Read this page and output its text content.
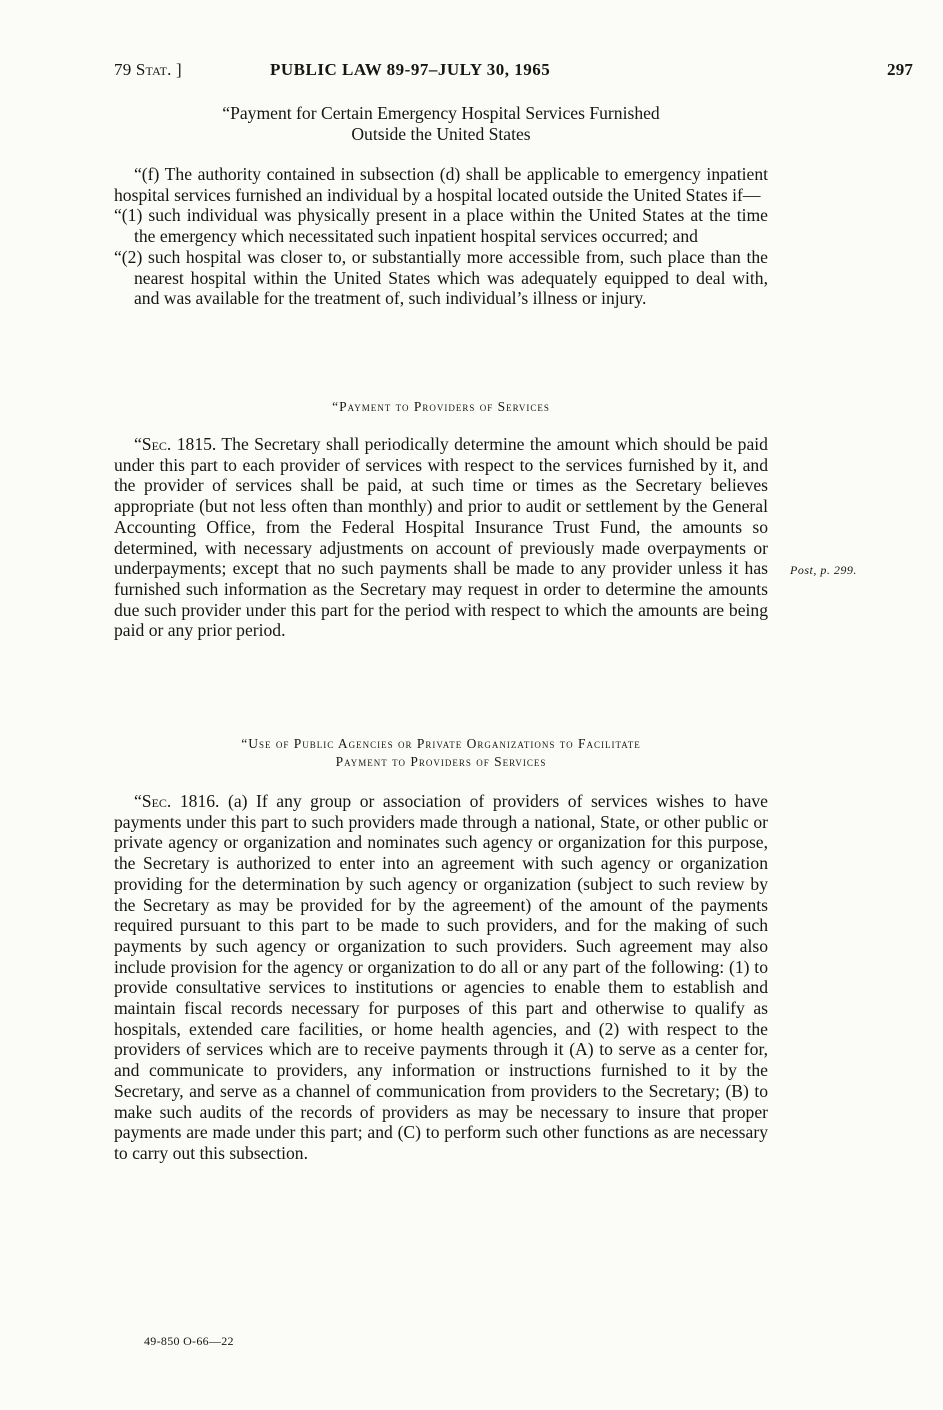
79 Stat. ]	PUBLIC LAW 89-97–JULY 30, 1965	297
“Payment for Certain Emergency Hospital Services Furnished
Outside the United States

“(f) The authority contained in subsection (d) shall be applicable to emergency inpatient hospital services furnished an individual by a hospital located outside the United States if—

“(1) such individual was physically present in a place within the United States at the time the emergency which necessitated such inpatient hospital services occurred; and

“(2) such hospital was closer to, or substantially more accessible from, such place than the nearest hospital within the United States which was adequately equipped to deal with, and was available for the treatment of, such individual’s illness or injury.

“Payment to Providers of Services

“Sec. 1815. The Secretary shall periodically determine the amount which should be paid under this part to each provider of services with respect to the services furnished by it, and the provider of services shall be paid, at such time or times as the Secretary believes appropriate (but not less often than monthly) and prior to audit or settlement by the General Accounting Office, from the Federal Hospital Insurance Trust Fund, the amounts so determined, with necessary adjustments on account of previously made overpayments or underpayments; except that no such payments shall be made to any provider unless it has furnished such information as the Secretary may request in order to determine the amounts due such provider under this part for the period with respect to which the amounts are being paid or any prior period.

Post, p. 299.

“Use of Public Agencies or Private Organizations to Facilitate

Payment to Providers of Services

“Sec. 1816. (a) If any group or association of providers of services wishes to have payments under this part to such providers made through a national, State, or other public or private agency or organization and nominates such agency or organization for this purpose, the Secretary is authorized to enter into an agreement with such agency or organization providing for the determination by such agency or organization (subject to such review by the Secretary as may be provided for by the agreement) of the amount of the payments required pursuant to this part to be made to such providers, and for the making of such payments by such agency or organization to such providers. Such agreement may also include provision for the agency or organization to do all or any part of the following: (1) to provide consultative services to institutions or agencies to enable them to establish and maintain fiscal records necessary for purposes of this part and otherwise to qualify as hospitals, extended care facilities, or home health agencies, and (2) with respect to the providers of services which are to receive payments through it (A) to serve as a center for, and communicate to providers, any information or instructions furnished to it by the Secretary, and serve as a channel of communication from providers to the Secretary; (B) to make such audits of the records of providers as may be necessary to insure that proper payments are made under this part; and (C) to perform such other functions as are necessary to carry out this subsection.

49-850 O-66—22
